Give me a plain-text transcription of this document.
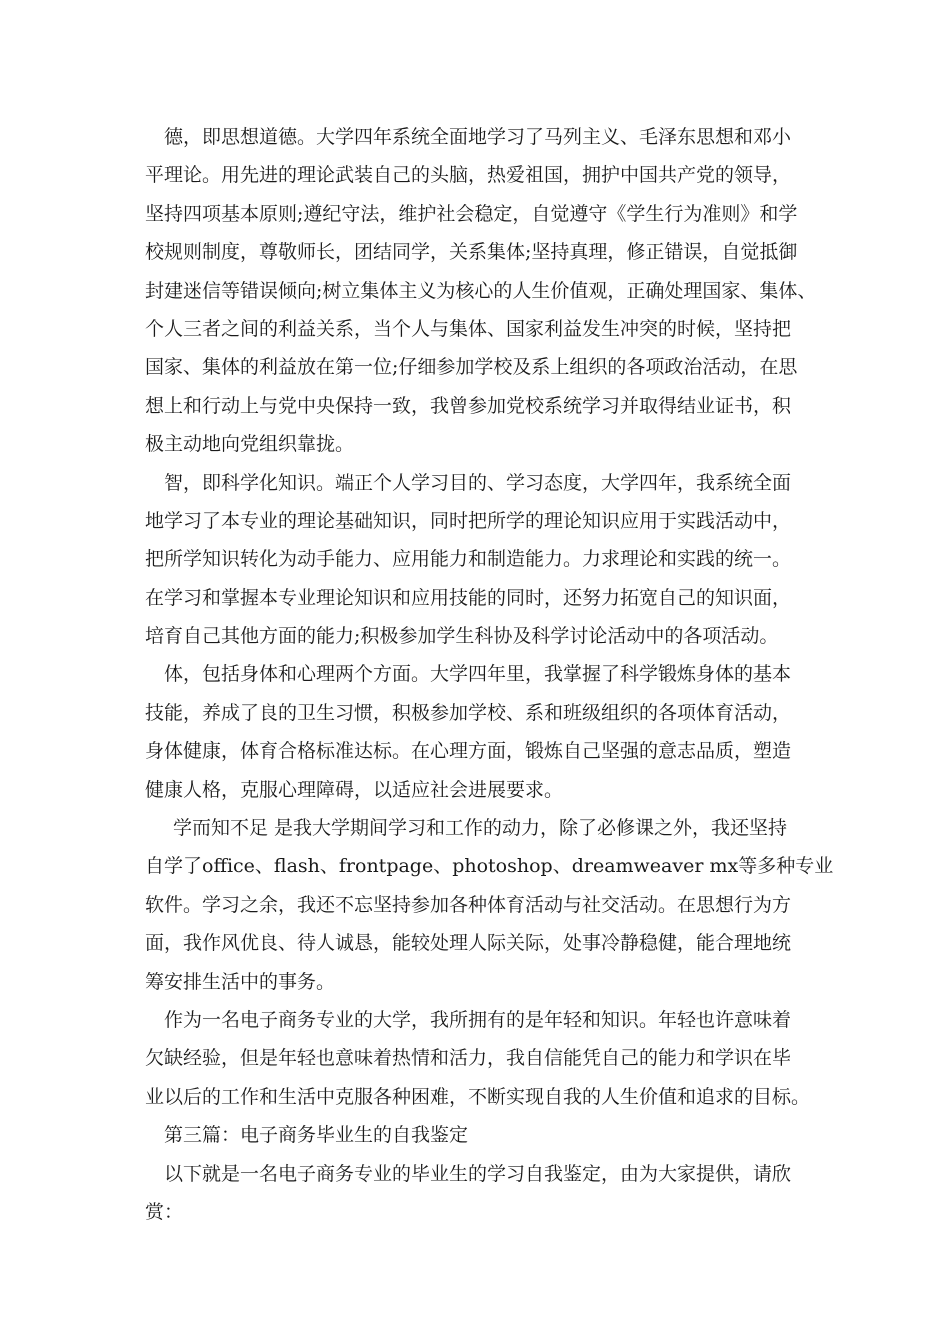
德，即思想道德。大学四年系统全面地学习了马列主义、毛泽东思想和邓小
平理论。用先进的理论武装自己的头脑，热爱祖国，拥护中国共产党的领导，
坚持四项基本原则;遵纪守法，维护社会稳定，自觉遵守《学生行为准则》和学
校规则制度，尊敬师长，团结同学，关系集体;坚持真理，修正错误，自觉抵御
封建迷信等错误倾向;树立集体主义为核心的人生价值观，正确处理国家、集体、
个人三者之间的利益关系，当个人与集体、国家利益发生冲突的时候，坚持把
国家、集体的利益放在第一位;仔细参加学校及系上组织的各项政治活动，在思
想上和行动上与党中央保持一致，我曾参加党校系统学习并取得结业证书，积
极主动地向党组织靠拢。
智，即科学化知识。端正个人学习目的、学习态度，大学四年，我系统全面
地学习了本专业的理论基础知识，同时把所学的理论知识应用于实践活动中，
把所学知识转化为动手能力、应用能力和制造能力。力求理论和实践的统一。
在学习和掌握本专业理论知识和应用技能的同时，还努力拓宽自己的知识面，
培育自己其他方面的能力;积极参加学生科协及科学讨论活动中的各项活动。
体，包括身体和心理两个方面。大学四年里，我掌握了科学锻炼身体的基本
技能，养成了良的卫生习惯，积极参加学校、系和班级组织的各项体育活动，
身体健康，体育合格标准达标。在心理方面，锻炼自己坚强的意志品质，塑造
健康人格，克服心理障碍，以适应社会进展要求。
学而知不足 是我大学期间学习和工作的动力，除了必修课之外，我还坚持
自学了office、flash、frontpage、photoshop、dreamweaver mx等多种专业
软件。学习之余，我还不忘坚持参加各种体育活动与社交活动。在思想行为方
面，我作风优良、待人诚恳，能较处理人际关际，处事冷静稳健，能合理地统
筹安排生活中的事务。
作为一名电子商务专业的大学，我所拥有的是年轻和知识。年轻也许意味着
欠缺经验，但是年轻也意味着热情和活力，我自信能凭自己的能力和学识在毕
业以后的工作和生活中克服各种困难，不断实现自我的人生价值和追求的目标。
第三篇：电子商务毕业生的自我鉴定
以下就是一名电子商务专业的毕业生的学习自我鉴定，由为大家提供，请欣
赏：
